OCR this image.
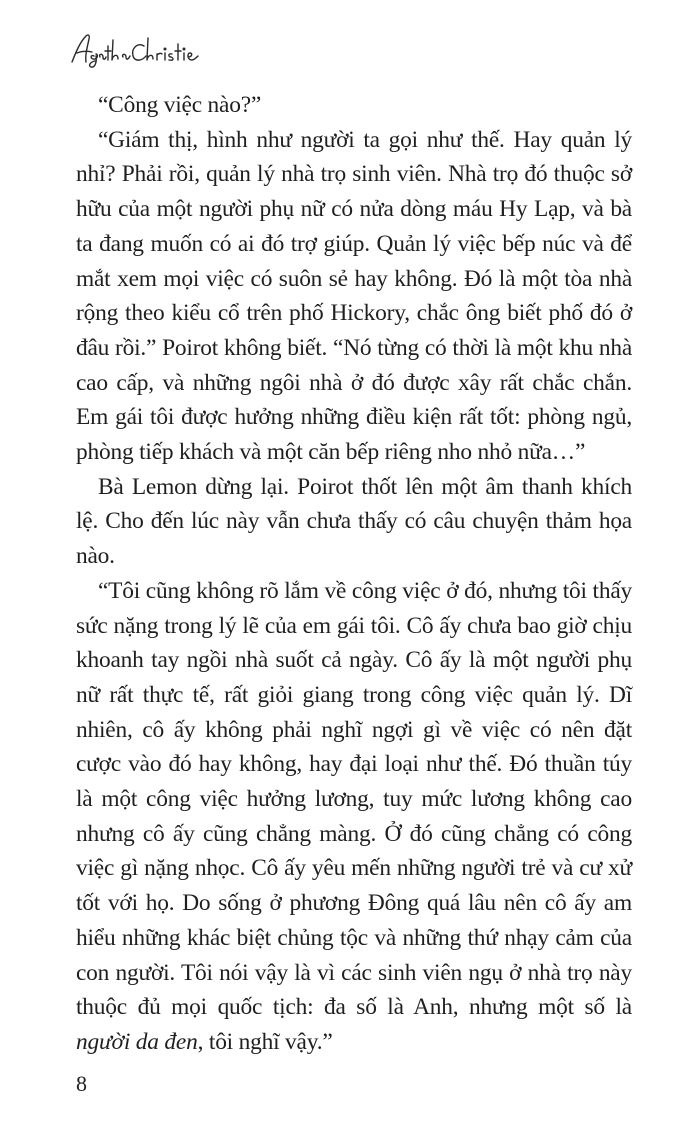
“Công việc nào?”

“Giám thị, hình như người ta gọi như thế. Hay quản lý nhỉ? Phải rồi, quản lý nhà trọ sinh viên. Nhà trọ đó thuộc sở hữu của một người phụ nữ có nửa dòng máu Hy Lạp, và bà ta đang muốn có ai đó trợ giúp. Quản lý việc bếp núc và để mắt xem mọi việc có suôn sẻ hay không. Đó là một tòa nhà rộng theo kiểu cổ trên phố Hickory, chắc ông biết phố đó ở đâu rồi.” Poirot không biết. “Nó từng có thời là một khu nhà cao cấp, và những ngôi nhà ở đó được xây rất chắc chắn. Em gái tôi được hưởng những điều kiện rất tốt: phòng ngủ, phòng tiếp khách và một căn bếp riêng nho nhỏ nữa…”

Bà Lemon dừng lại. Poirot thốt lên một âm thanh khích lệ. Cho đến lúc này vẫn chưa thấy có câu chuyện thảm họa nào.

“Tôi cũng không rõ lắm về công việc ở đó, nhưng tôi thấy sức nặng trong lý lẽ của em gái tôi. Cô ấy chưa bao giờ chịu khoanh tay ngồi nhà suốt cả ngày. Cô ấy là một người phụ nữ rất thực tế, rất giỏi giang trong công việc quản lý. Dĩ nhiên, cô ấy không phải nghĩ ngợi gì về việc có nên đặt cược vào đó hay không, hay đại loại như thế. Đó thuần túy là một công việc hưởng lương, tuy mức lương không cao nhưng cô ấy cũng chẳng màng. Ở đó cũng chẳng có công việc gì nặng nhọc. Cô ấy yêu mến những người trẻ và cư xử tốt với họ. Do sống ở phương Đông quá lâu nên cô ấy am hiểu những khác biệt chủng tộc và những thứ nhạy cảm của con người. Tôi nói vậy là vì các sinh viên ngụ ở nhà trọ này thuộc đủ mọi quốc tịch: đa số là Anh, nhưng một số là người da đen, tôi nghĩ vậy.”

8
